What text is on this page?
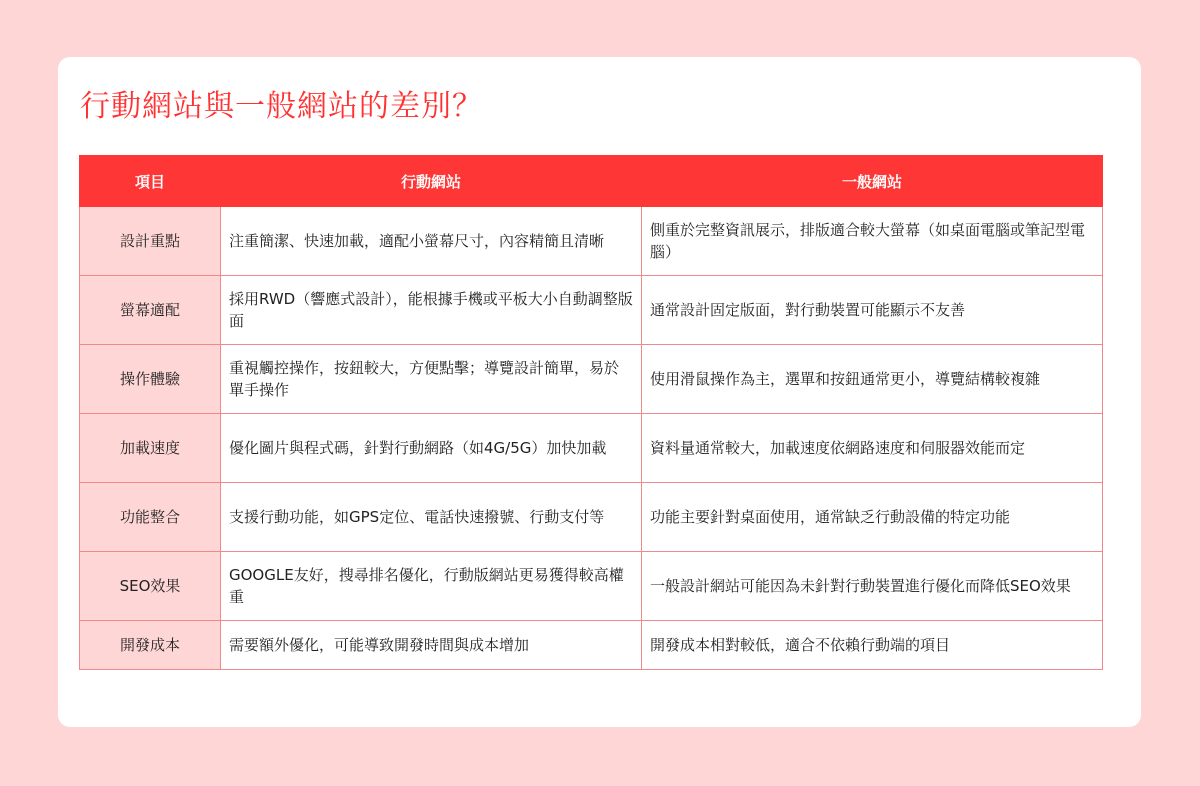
行動網站與一般網站的差別？
項目	行動網站	一般網站
設計重點	注重簡潔、快速加載，適配小螢幕尺寸，內容精簡且清晰	側重於完整資訊展示，排版適合較大螢幕（如桌面電腦或筆記型電腦）
螢幕適配	採用RWD（響應式設計），能根據手機或平板大小自動調整版面	通常設計固定版面，對行動裝置可能顯示不友善
操作體驗	重視觸控操作，按鈕較大，方便點擊；導覽設計簡單，易於單手操作	使用滑鼠操作為主，選單和按鈕通常更小，導覽結構較複雜
加載速度	優化圖片與程式碼，針對行動網路（如4G/5G）加快加載	資料量通常較大，加載速度依網路速度和伺服器效能而定
功能整合	支援行動功能，如GPS定位、電話快速撥號、行動支付等	功能主要針對桌面使用，通常缺乏行動設備的特定功能
SEO效果	GOOGLE友好，搜尋排名優化，行動版網站更易獲得較高權重	一般設計網站可能因為未針對行動裝置進行優化而降低SEO效果
開發成本	需要額外優化，可能導致開發時間與成本增加	開發成本相對較低，適合不依賴行動端的項目
